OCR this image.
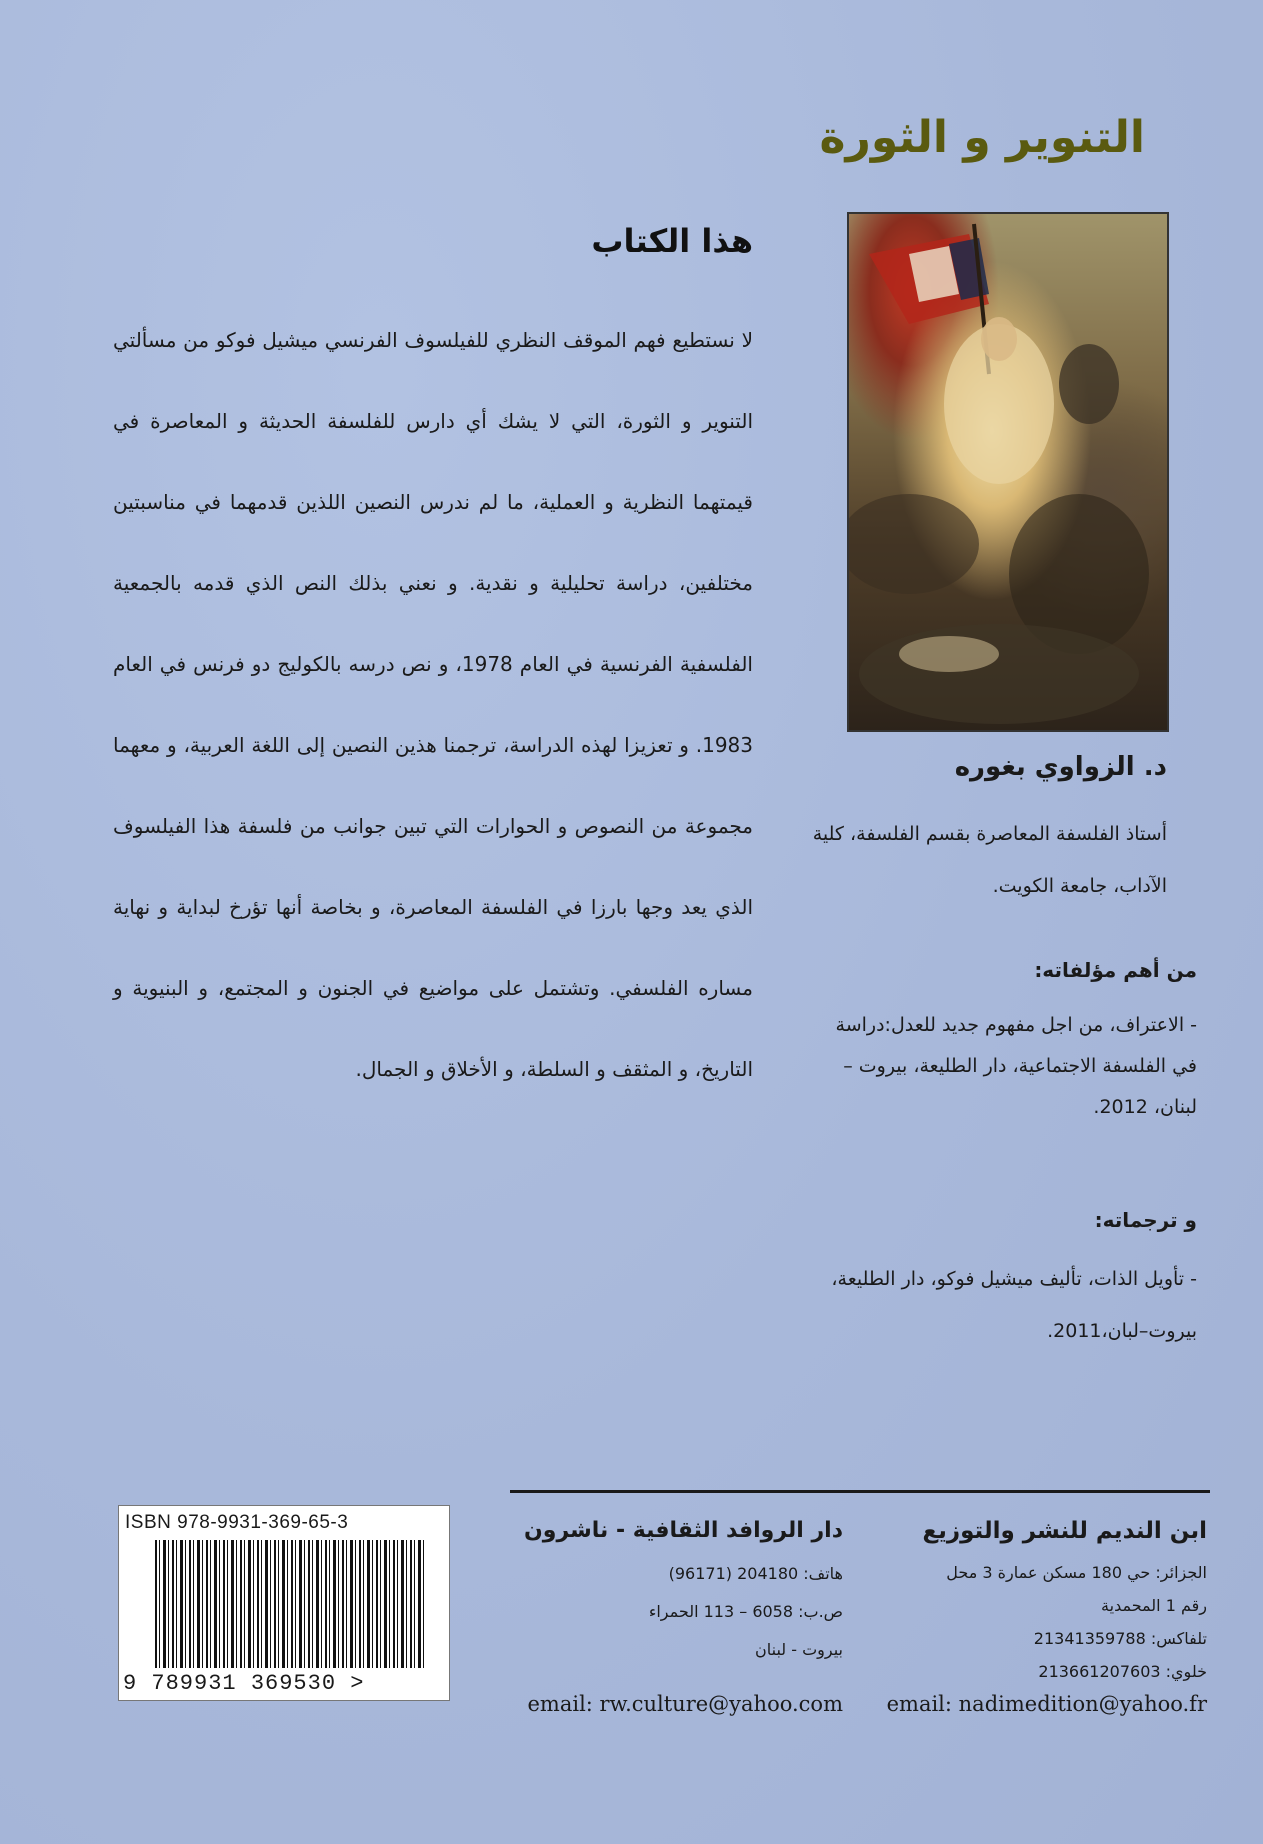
التنوير و الثورة
هذا الكتاب

لا نستطيع فهم الموقف النظري للفيلسوف الفرنسي ميشيل فوكو من مسألتي التنوير و الثورة، التي لا يشك أي دارس للفلسفة الحديثة و المعاصرة في قيمتهما النظرية و العملية، ما لم ندرس النصين اللذين قدمهما في مناسبتين مختلفين، دراسة تحليلية و نقدية. و نعني بذلك النص الذي قدمه بالجمعية الفلسفية الفرنسية في العام 1978، و نص درسه بالكوليج دو فرنس في العام 1983. و تعزيزا لهذه الدراسة، ترجمنا هذين النصين إلى اللغة العربية، و معهما مجموعة من النصوص و الحوارات التي تبين جوانب من فلسفة هذا الفيلسوف الذي يعد وجها بارزا في الفلسفة المعاصرة، و بخاصة أنها تؤرخ لبداية و نهاية مساره الفلسفي. وتشتمل على مواضيع في الجنون و المجتمع، و البنيوية و التاريخ، و المثقف و السلطة، و الأخلاق و الجمال.

د. الزواوي بغوره

أستاذ الفلسفة المعاصرة بقسم الفلسفة، كلية الآداب، جامعة الكويت.

من أهم مؤلفاته:

- الاعتراف، من اجل مفهوم جديد للعدل:دراسة في الفلسفة الاجتماعية، دار الطليعة، بيروت –لبنان، 2012.

و ترجماته:

- تأويل الذات، تأليف ميشيل فوكو، دار الطليعة، بيروت–لبان،2011.

ابن النديم للنشر والتوزيع
الجزائر: حي 180 مسكن عمارة 3 محل
رقم 1 المحمدية
تلفاكس: 21341359788
خلوي: 213661207603
email: nadimedition@yahoo.fr
دار الروافد الثقافية - ناشرون
هاتف: 204180 (96171)
ص.ب: 6058 – 113 الحمراء
بيروت - لبنان
email: rw.culture@yahoo.com
ISBN 978-9931-369-65-3
9 789931 369530 >
